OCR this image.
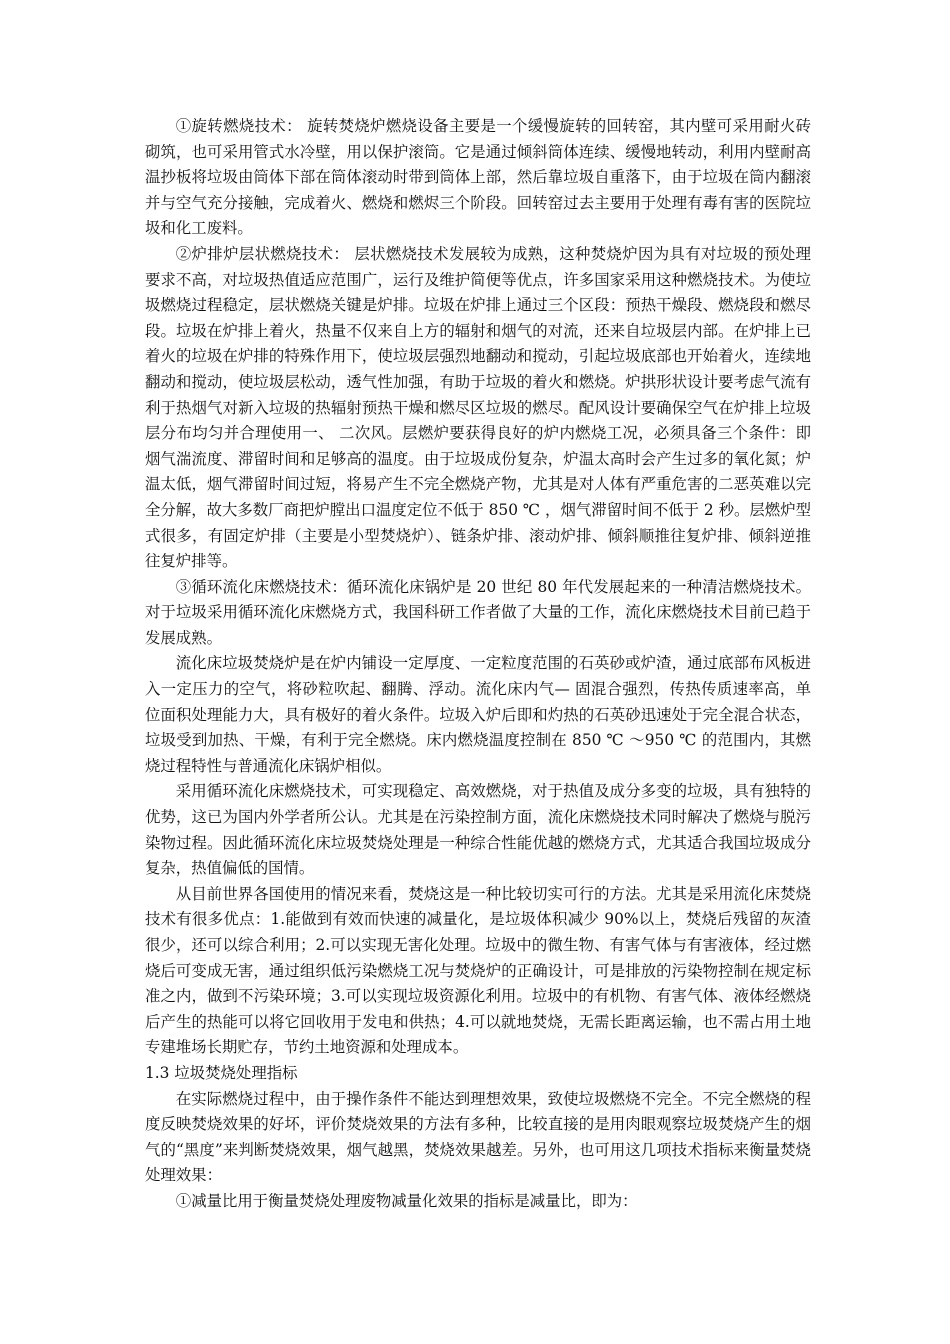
①旋转燃烧技术： 旋转焚烧炉燃烧设备主要是一个缓慢旋转的回转窑，其内壁可采用耐火砖砌筑，也可采用管式水冷壁，用以保护滚筒。它是通过倾斜筒体连续、缓慢地转动，利用内壁耐高温抄板将垃圾由筒体下部在筒体滚动时带到筒体上部，然后靠垃圾自重落下，由于垃圾在筒内翻滚并与空气充分接触，完成着火、燃烧和燃烬三个阶段。回转窑过去主要用于处理有毒有害的医院垃圾和化工废料。

②炉排炉层状燃烧技术： 层状燃烧技术发展较为成熟，这种焚烧炉因为具有对垃圾的预处理要求不高，对垃圾热值适应范围广，运行及维护简便等优点，许多国家采用这种燃烧技术。为使垃圾燃烧过程稳定，层状燃烧关键是炉排。垃圾在炉排上通过三个区段：预热干燥段、燃烧段和燃尽段。垃圾在炉排上着火，热量不仅来自上方的辐射和烟气的对流，还来自垃圾层内部。在炉排上已着火的垃圾在炉排的特殊作用下，使垃圾层强烈地翻动和搅动，引起垃圾底部也开始着火，连续地翻动和搅动，使垃圾层松动，透气性加强，有助于垃圾的着火和燃烧。炉拱形状设计要考虑气流有利于热烟气对新入垃圾的热辐射预热干燥和燃尽区垃圾的燃尽。配风设计要确保空气在炉排上垃圾层分布均匀并合理使用一、 二次风。层燃炉要获得良好的炉内燃烧工况，必须具备三个条件：即烟气湍流度、滞留时间和足够高的温度。由于垃圾成份复杂，炉温太高时会产生过多的氧化氮；炉温太低，烟气滞留时间过短，将易产生不完全燃烧产物，尤其是对人体有严重危害的二恶英难以完全分解，故大多数厂商把炉膛出口温度定位不低于 850 ℃ ，烟气滞留时间不低于 2 秒。层燃炉型式很多，有固定炉排（主要是小型焚烧炉）、链条炉排、滚动炉排、倾斜顺推往复炉排、倾斜逆推往复炉排等。

③循环流化床燃烧技术：循环流化床锅炉是 20 世纪 80 年代发展起来的一种清洁燃烧技术。对于垃圾采用循环流化床燃烧方式，我国科研工作者做了大量的工作，流化床燃烧技术目前已趋于发展成熟。

流化床垃圾焚烧炉是在炉内铺设一定厚度、一定粒度范围的石英砂或炉渣，通过底部布风板进入一定压力的空气，将砂粒吹起、翻腾、浮动。流化床内气— 固混合强烈，传热传质速率高，单位面积处理能力大，具有极好的着火条件。垃圾入炉后即和灼热的石英砂迅速处于完全混合状态，垃圾受到加热、干燥，有利于完全燃烧。床内燃烧温度控制在 850 ℃ ～950 ℃ 的范围内，其燃烧过程特性与普通流化床锅炉相似。

采用循环流化床燃烧技术，可实现稳定、高效燃烧，对于热值及成分多变的垃圾，具有独特的优势，这已为国内外学者所公认。尤其是在污染控制方面，流化床燃烧技术同时解决了燃烧与脱污染物过程。因此循环流化床垃圾焚烧处理是一种综合性能优越的燃烧方式，尤其适合我国垃圾成分复杂，热值偏低的国情。

从目前世界各国使用的情况来看，焚烧这是一种比较切实可行的方法。尤其是采用流化床焚烧技术有很多优点：1.能做到有效而快速的减量化，是垃圾体积减少 90%以上，焚烧后残留的灰渣很少，还可以综合利用；2.可以实现无害化处理。垃圾中的微生物、有害气体与有害液体，经过燃烧后可变成无害，通过组织低污染燃烧工况与焚烧炉的正确设计，可是排放的污染物控制在规定标准之内，做到不污染环境；3.可以实现垃圾资源化利用。垃圾中的有机物、有害气体、液体经燃烧后产生的热能可以将它回收用于发电和供热；4.可以就地焚烧，无需长距离运输，也不需占用土地专建堆场长期贮存，节约土地资源和处理成本。

1.3 垃圾焚烧处理指标

在实际燃烧过程中，由于操作条件不能达到理想效果，致使垃圾燃烧不完全。不完全燃烧的程度反映焚烧效果的好坏，评价焚烧效果的方法有多种，比较直接的是用肉眼观察垃圾焚烧产生的烟气的“黑度”来判断焚烧效果，烟气越黑，焚烧效果越差。另外，也可用这几项技术指标来衡量焚烧处理效果：

①减量比用于衡量焚烧处理废物减量化效果的指标是减量比，即为：
